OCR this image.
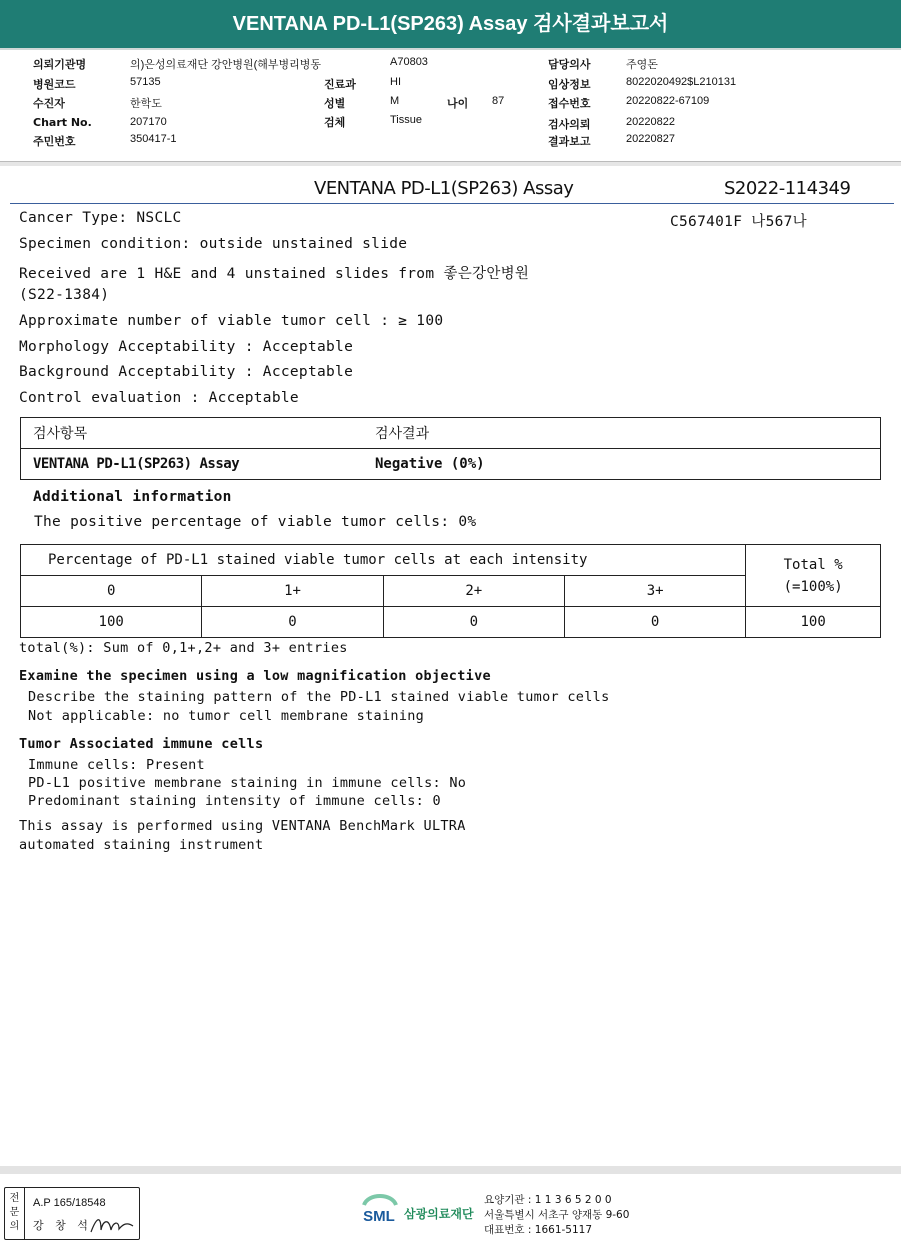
VENTANA PD-L1(SP263) Assay 검사결과보고서
의뢰기관명	의)은성의료재단 강안병원(해부병리병동	A70803	담당의사	주영돈
병원코드	57135	진료과	HI	임상정보	8022020492$L210131
수진자	한학도	성별	M	나이 87	접수번호	20220822-67109
Chart No.	207170	검체	Tissue	검사의뢰	20220822
주민번호	350417-1	결과보고	20220827
VENTANA PD-L1(SP263) Assay	S2022-114349
Cancer Type: NSCLC	C567401F 나567나
Specimen condition: outside unstained slide
Received are 1 H&E and 4 unstained slides from 좋은강안병원
(S22-1384)
Approximate number of viable tumor cell : ≥ 100
Morphology Acceptability : Acceptable
Background Acceptability : Acceptable
Control evaluation : Acceptable
검사항목	검사결과
VENTANA PD-L1(SP263) Assay	Negative (0%)
Additional information
The positive percentage of viable tumor cells: 0%
Percentage of PD-L1 stained viable tumor cells at each intensity				Total %
(=100%)
0	1+	2+	3+	
100	0	0	0	100
total(%): Sum of 0,1+,2+ and 3+ entries
Examine the specimen using a low magnification objective
Describe the staining pattern of the PD-L1 stained viable tumor cells
Not applicable: no tumor cell membrane staining
Tumor Associated immune cells
Immune cells: Present
PD-L1 positive membrane staining in immune cells: No
Predominant staining intensity of immune cells: 0
This assay is performed using VENTANA BenchMark ULTRA
automated staining instrument
전문의
A.P 165/18548
강 창 석
SML 삼광의료재단
요양기관 : 1 1 3 6 5 2 0 0
서울특별시 서초구 양재동 9-60
대표번호 : 1661-5117
